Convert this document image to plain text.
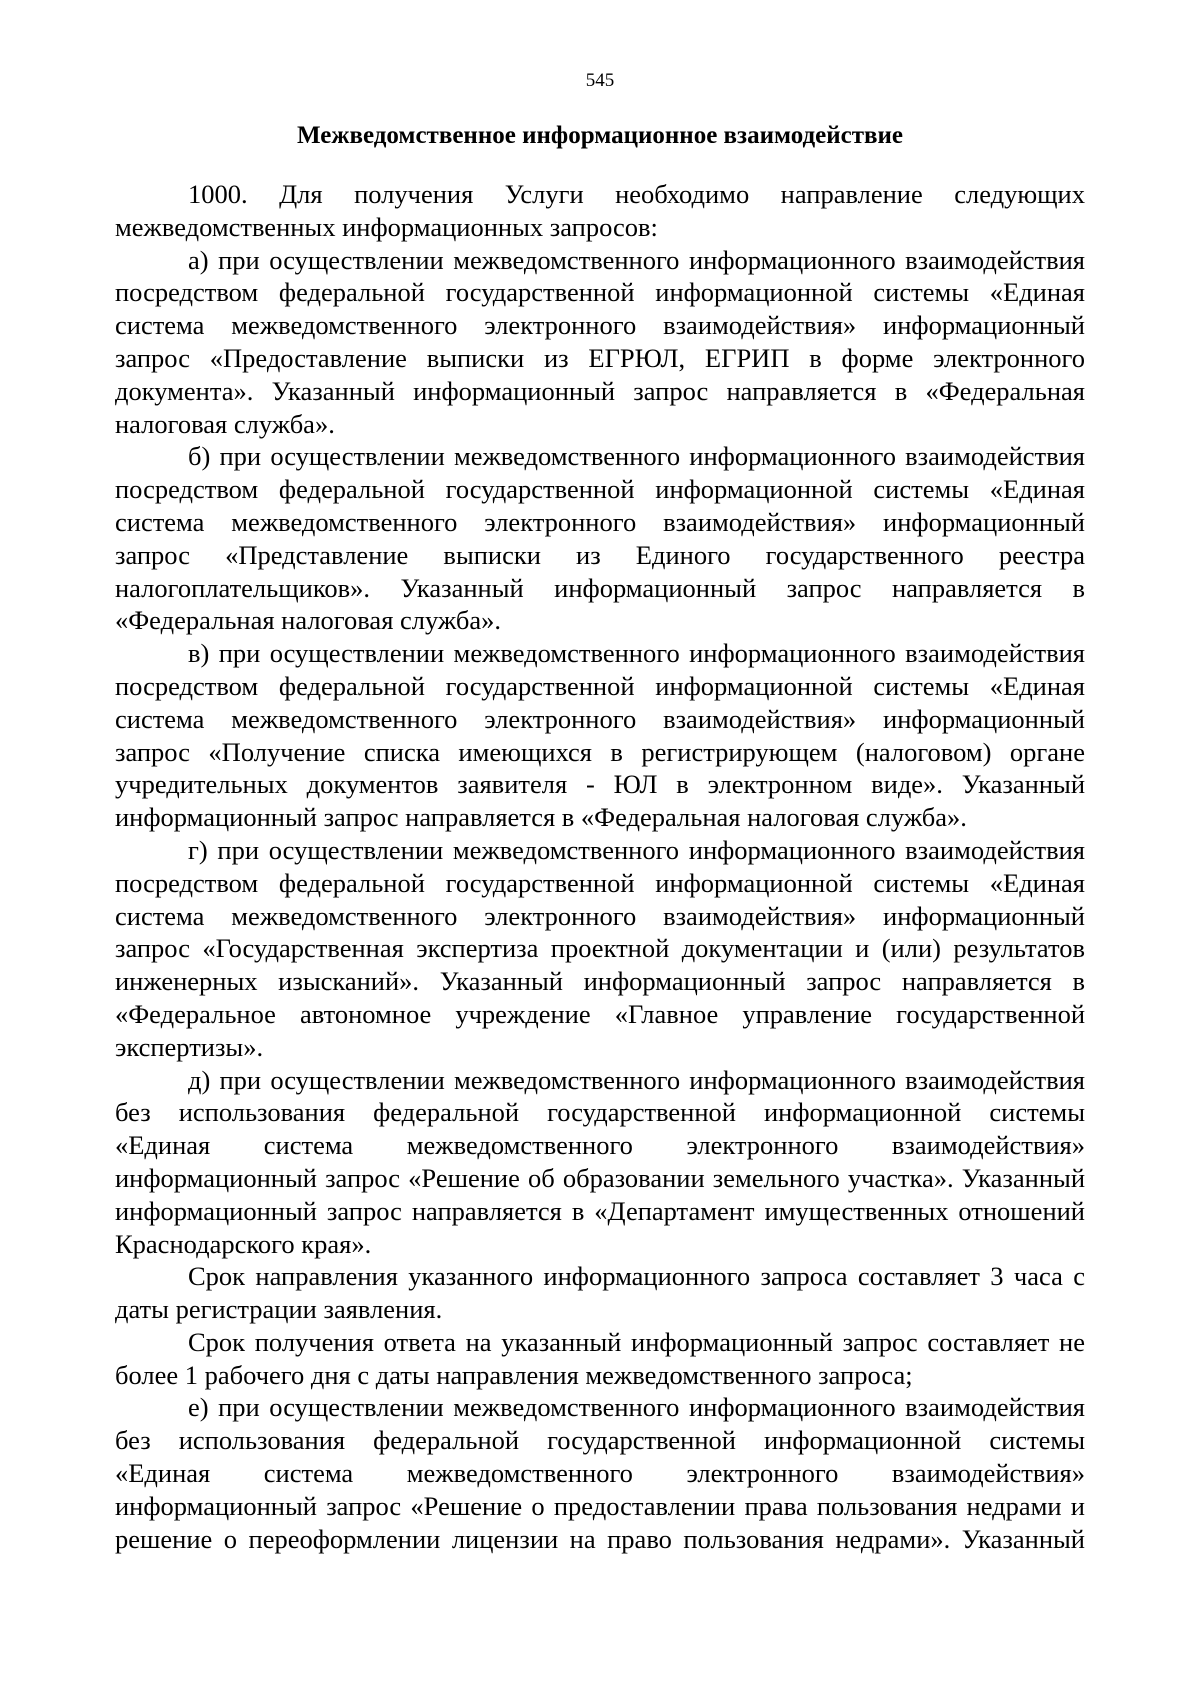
545
Межведомственное информационное взаимодействие
1000. Для получения Услуги необходимо направление следующих
межведомственных информационных запросов:
а) при осуществлении межведомственного информационного взаимодействия
посредством федеральной государственной информационной системы «Единая
система межведомственного электронного взаимодействия» информационный
запрос «Предоставление выписки из ЕГРЮЛ, ЕГРИП в форме электронного
документа». Указанный информационный запрос направляется в «Федеральная
налоговая служба».
б) при осуществлении межведомственного информационного взаимодействия
посредством федеральной государственной информационной системы «Единая
система межведомственного электронного взаимодействия» информационный
запрос «Представление выписки из Единого государственного реестра
налогоплательщиков». Указанный информационный запрос направляется в
«Федеральная налоговая служба».
в) при осуществлении межведомственного информационного взаимодействия
посредством федеральной государственной информационной системы «Единая
система межведомственного электронного взаимодействия» информационный
запрос «Получение списка имеющихся в регистрирующем (налоговом) органе
учредительных документов заявителя - ЮЛ в электронном виде». Указанный
информационный запрос направляется в «Федеральная налоговая служба».
г) при осуществлении межведомственного информационного взаимодействия
посредством федеральной государственной информационной системы «Единая
система межведомственного электронного взаимодействия» информационный
запрос «Государственная экспертиза проектной документации и (или) результатов
инженерных изысканий». Указанный информационный запрос направляется в
«Федеральное автономное учреждение «Главное управление государственной
экспертизы».
д) при осуществлении межведомственного информационного взаимодействия
без использования федеральной государственной информационной системы
«Единая система межведомственного электронного взаимодействия»
информационный запрос «Решение об образовании земельного участка». Указанный
информационный запрос направляется в «Департамент имущественных отношений
Краснодарского края».
Срок направления указанного информационного запроса составляет 3 часа с
даты регистрации заявления.
Срок получения ответа на указанный информационный запрос составляет не
более 1 рабочего дня с даты направления межведомственного запроса;
е) при осуществлении межведомственного информационного взаимодействия
без использования федеральной государственной информационной системы
«Единая система межведомственного электронного взаимодействия»
информационный запрос «Решение о предоставлении права пользования недрами и
решение о переоформлении лицензии на право пользования недрами». Указанный
